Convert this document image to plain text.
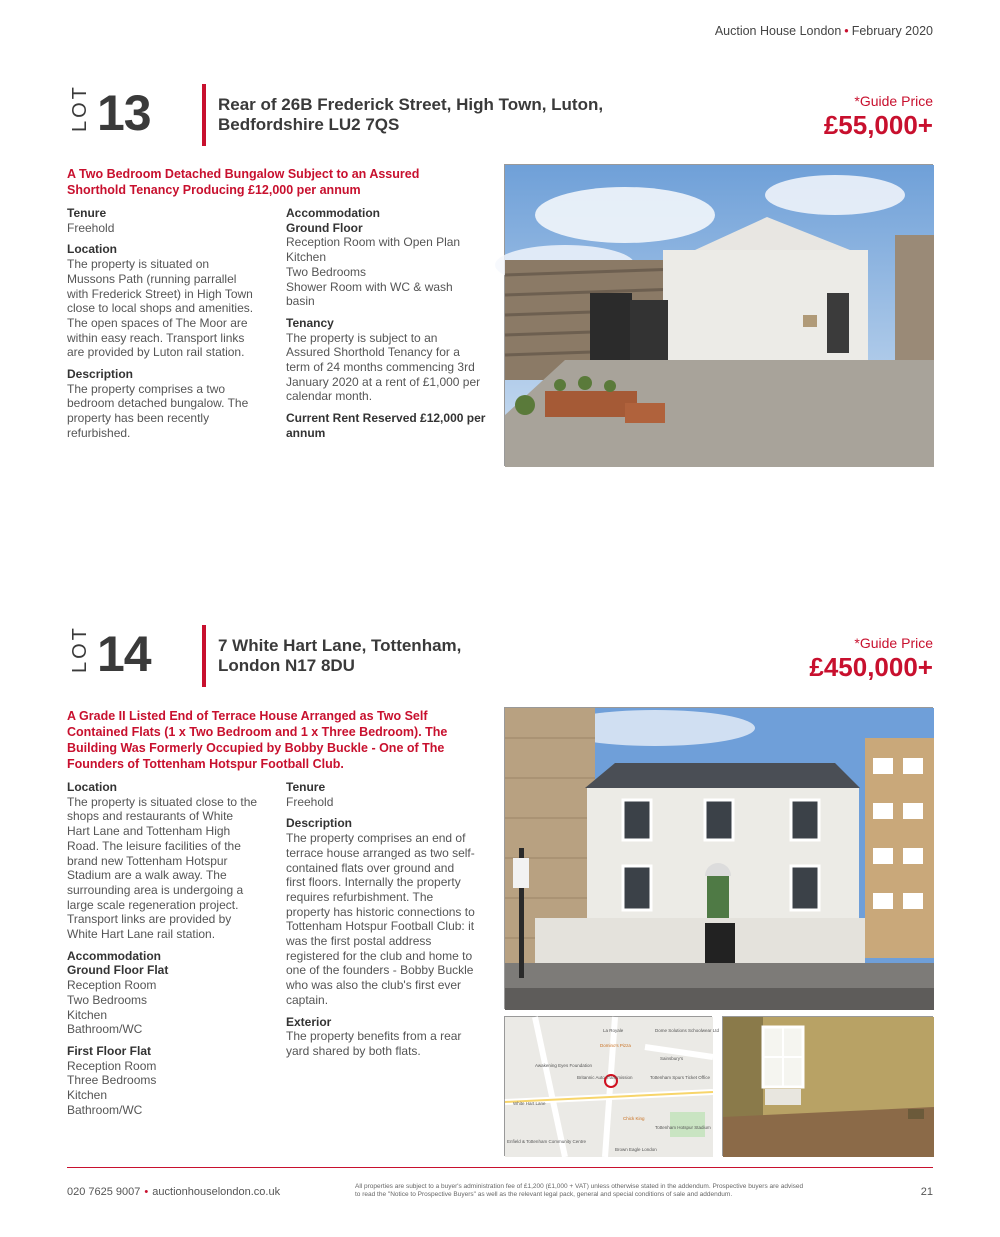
Auction House London • February 2020
LOT 13	Rear of 26B Frederick Street, High Town, Luton,
Bedfordshire LU2 7QS
*Guide Price
£55,000+
A Two Bedroom Detached Bungalow Subject to an Assured
Shorthold Tenancy Producing £12,000 per annum
Tenure
Freehold
Location
The property is situated on
Mussons Path (running parrallel
with Frederick Street) in High Town
close to local shops and amenities.
The open spaces of The Moor are
within easy reach. Transport links
are provided by Luton rail station.
Description
The property comprises a two
bedroom detached bungalow. The
property has been recently
refurbished.
Accommodation
Ground Floor
Reception Room with Open Plan
Kitchen
Two Bedrooms
Shower Room with WC & wash
basin
Tenancy
The property is subject to an
Assured Shorthold Tenancy for a
term of 24 months commencing 3rd
January 2020 at a rent of £1,000 per
calendar month.
Current Rent Reserved £12,000 per
annum
LOT 14	7 White Hart Lane, Tottenham,
London N17 8DU
*Guide Price
£450,000+
A Grade II Listed End of Terrace House Arranged as Two Self
Contained Flats (1 x Two Bedroom and 1 x Three Bedroom). The
Building Was Formerly Occupied by Bobby Buckle - One of The
Founders of Tottenham Hotspur Football Club.
Location
The property is situated close to the
shops and restaurants of White
Hart Lane and Tottenham High
Road. The leisure facilities of the
brand new Tottenham Hotspur
Stadium are a walk away. The
surrounding area is undergoing a
large scale regeneration project.
Transport links are provided by
White Hart Lane rail station.
Accommodation
Ground Floor Flat
Reception Room
Two Bedrooms
Kitchen
Bathroom/WC
First Floor Flat
Reception Room
Three Bedrooms
Kitchen
Bathroom/WC
Tenure
Freehold
Description
The property comprises an end of
terrace house arranged as two self-
contained flats over ground and
first floors. Internally the property
requires refurbishment. The
property has historic connections to
Tottenham Hotspur Football Club: it
was the first postal address
registered for the club and home to
one of the founders - Bobby Buckle
who was also the club's first ever
captain.
Exterior
The property benefits from a rear
yard shared by both flats.
La Royale	Dome Solutions Schoolwear Ltd
Domino's Pizza
Sainsbury's
Awakening Eyes Foundation
Britannic Auto Transmission	Tottenham Spurs Ticket Office
White Hart Lane
Chick King
Tottenham Hotspur Stadium
Brown Eagle London
Enfield & Tottenham Community Centre
020 7625 9007 • auctionhouselondon.co.uk	All properties are subject to a buyer's administration fee of £1,200 (£1,000 + VAT) unless otherwise stated in the addendum. Prospective buyers are advised
to read the "Notice to Prospective Buyers" as well as the relevant legal pack, general and special conditions of sale and addendum.	21
